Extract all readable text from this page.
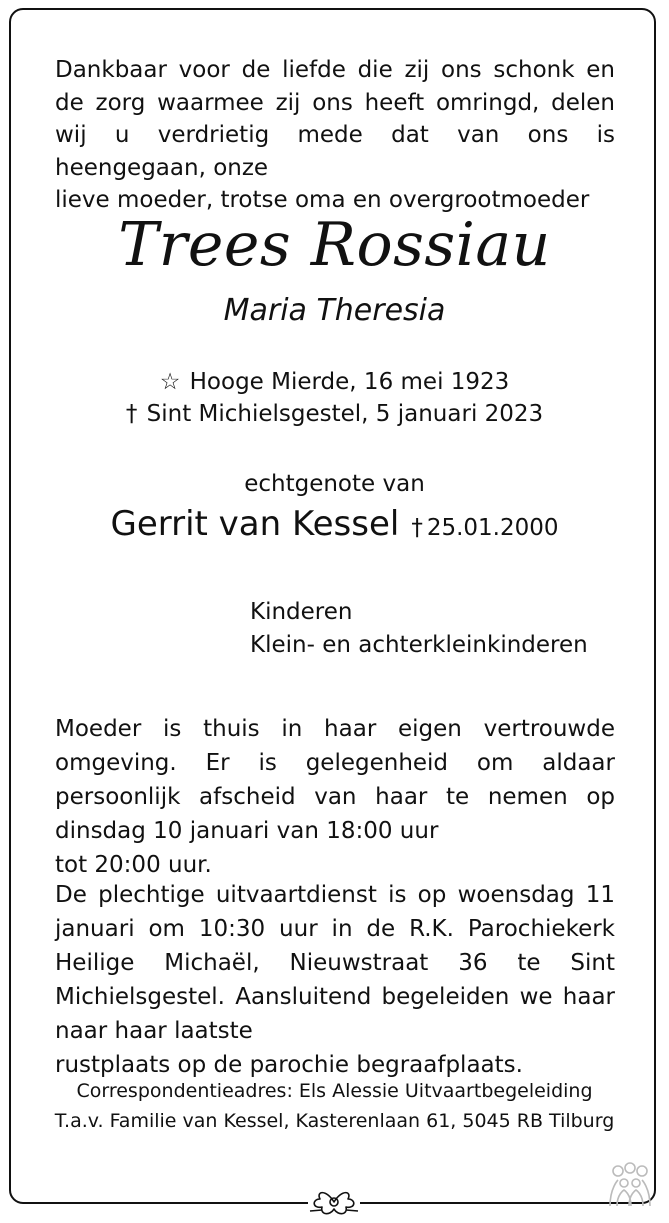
Dankbaar voor de liefde die zij ons schonk en de zorg waarmee zij ons heeft omringd, delen wij u verdrietig mede dat van ons is heengegaan, onze

lieve moeder, trotse oma en overgrootmoeder

Trees Rossiau
Maria Theresia
☆ Hooge Mierde, 16 mei 1923
† Sint Michielsgestel, 5 januari 2023
echtgenote van
Gerrit van Kessel † 25.01.2000
Kinderen
Klein- en achterkleinkinderen

Moeder is thuis in haar eigen vertrouwde omgeving. Er is gelegenheid om aldaar persoonlijk afscheid van haar te nemen op dinsdag 10 januari van 18:00 uur

tot 20:00 uur.

De plechtige uitvaartdienst is op woensdag 11 januari om 10:30 uur in de R.K. Parochiekerk Heilige Michaël, Nieuwstraat 36 te Sint Michielsgestel. Aansluitend begeleiden we haar naar haar laatste

rustplaats op de parochie begraafplaats.

Correspondentieadres: Els Alessie Uitvaartbegeleiding
T.a.v. Familie van Kessel, Kasterenlaan 61, 5045 RB Tilburg
